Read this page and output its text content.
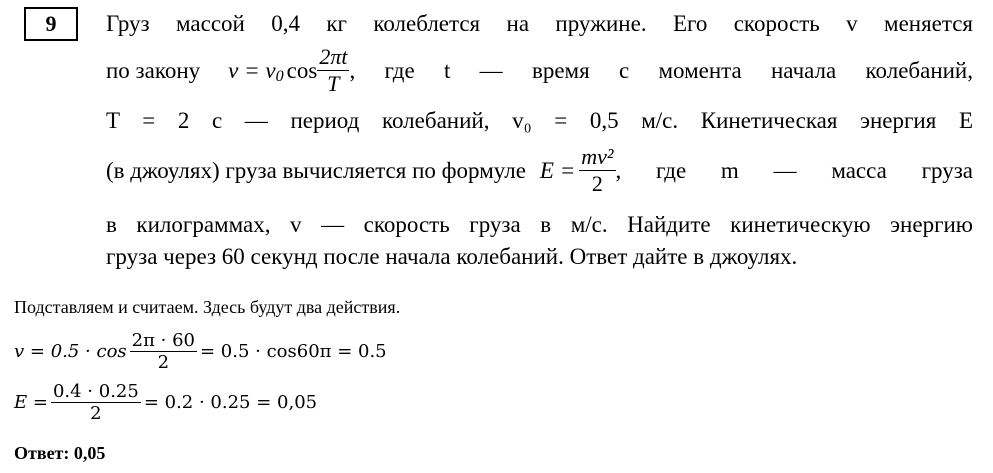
9	Груз массой 0,4 кг колеблется на пружине. Его скорость v меняется
по закону $v = v_0$ $\cos \frac{2\pi t}{T}$ , где t — время с момента начала колебаний,
T = 2 с — период колебаний, v₀ = 0,5 м/с. Кинетическая энергия E
(в джоулях) груза вычисляется по формуле $E = \frac{\text{mv²}}{2}$ , где m — масса груза
в килограммах, v — скорость груза в м/с. Найдите кинетическую энергию
груза через 60 секунд после начала колебаний. Ответ дайте в джоулях.
Подставляем и считаем. Здесь будут два действия.
$v = 0.5 \cdot \cos \frac{2\pi \cdot 60}{2} = 0.5 \cdot \cos 60\pi = 0.5$
$E = \frac{0.4 \cdot 0.25}{2} = 0.2 \cdot 0.25 = 0,05$
Ответ: 0,05
